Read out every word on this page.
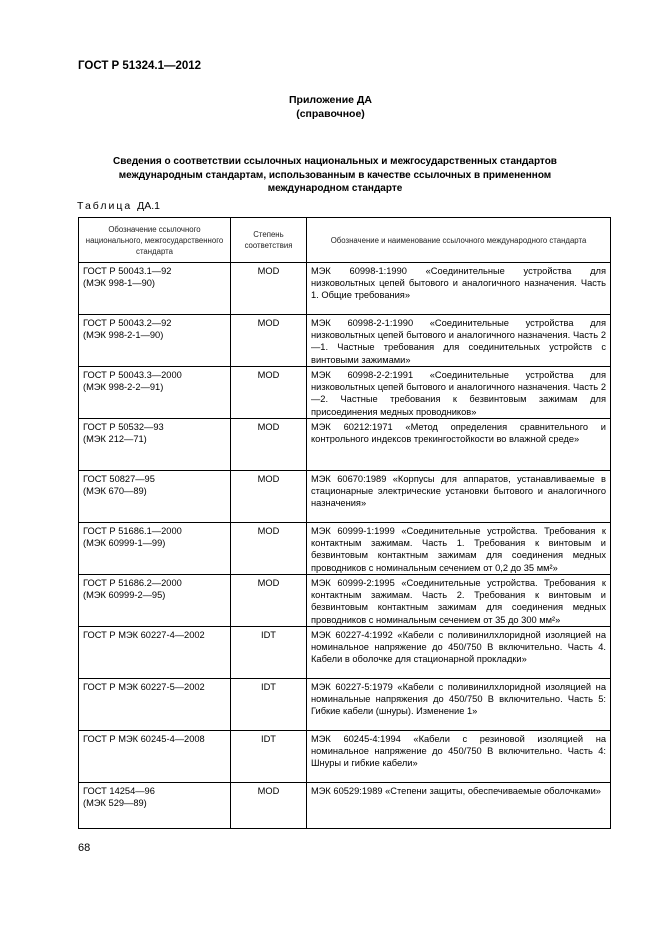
ГОСТ Р 51324.1—2012
Приложение ДА
(справочное)
Сведения о соответствии ссылочных национальных и межгосударственных стандартов международным стандартам, использованным в качестве ссылочных в примененном международном стандарте
Таблица ДА.1
Обозначение ссылочного национального, межгосударственного стандарта	Степень соответствия	Обозначение и наименование ссылочного международного стандарта

ГОСТ Р 50043.1—92
(МЭК 998-1—90)	MOD	МЭК 60998-1:1990 «Соединительные устройства для низковольтных цепей бытового и аналогичного назначения. Часть 1. Общие требования»

ГОСТ Р 50043.2—92
(МЭК 998-2-1—90)	MOD	МЭК 60998-2-1:1990 «Соединительные устройства для низковольтных цепей бытового и аналогичного назначения. Часть 2—1. Частные требования для соединительных устройств с винтовыми зажимами»

ГОСТ Р 50043.3—2000
(МЭК 998-2-2—91)	MOD	МЭК 60998-2-2:1991 «Соединительные устройства для низковольтных цепей бытового и аналогичного назначения. Часть 2—2. Частные требования к безвинтовым зажимам для присоединения медных проводников»

ГОСТ Р 50532—93
(МЭК 212—71)	MOD	МЭК 60212:1971 «Метод определения сравнительного и контрольного индексов трекингостойкости во влажной среде»

ГОСТ 50827—95
(МЭК 670—89)	MOD	МЭК 60670:1989 «Корпусы для аппаратов, устанавливаемые в стационарные электрические установки бытового и аналогичного назначения»

ГОСТ Р 51686.1—2000
(МЭК 60999-1—99)	MOD	МЭК 60999-1:1999 «Соединительные устройства. Требования к контактным зажимам. Часть 1. Требования к винтовым и безвинтовым контактным зажимам для соединения медных проводников с номинальным сечением от 0,2 до 35 мм²»

ГОСТ Р 51686.2—2000
(МЭК 60999-2—95)	MOD	МЭК 60999-2:1995 «Соединительные устройства. Требования к контактным зажимам. Часть 2. Требования к винтовым и безвинтовым контактным зажимам для соединения медных проводников с номинальным сечением от 35 до 300 мм²»

ГОСТ Р МЭК 60227-4—2002	IDT	МЭК 60227-4:1992 «Кабели с поливинилхлоридной изоляцией на номинальное напряжение до 450/750 В включительно. Часть 4. Кабели в оболочке для стационарной прокладки»

ГОСТ Р МЭК 60227-5—2002	IDT	МЭК 60227-5:1979 «Кабели с поливинилхлоридной изоляцией на номинальные напряжения до 450/750 В включительно. Часть 5: Гибкие кабели (шнуры). Изменение 1»

ГОСТ Р МЭК 60245-4—2008	IDT	МЭК 60245-4:1994 «Кабели с резиновой изоляцией на номинальное напряжение до 450/750 В включительно. Часть 4: Шнуры и гибкие кабели»

ГОСТ 14254—96
(МЭК 529—89)	MOD	МЭК 60529:1989 «Степени защиты, обеспечиваемые оболочками»
68
